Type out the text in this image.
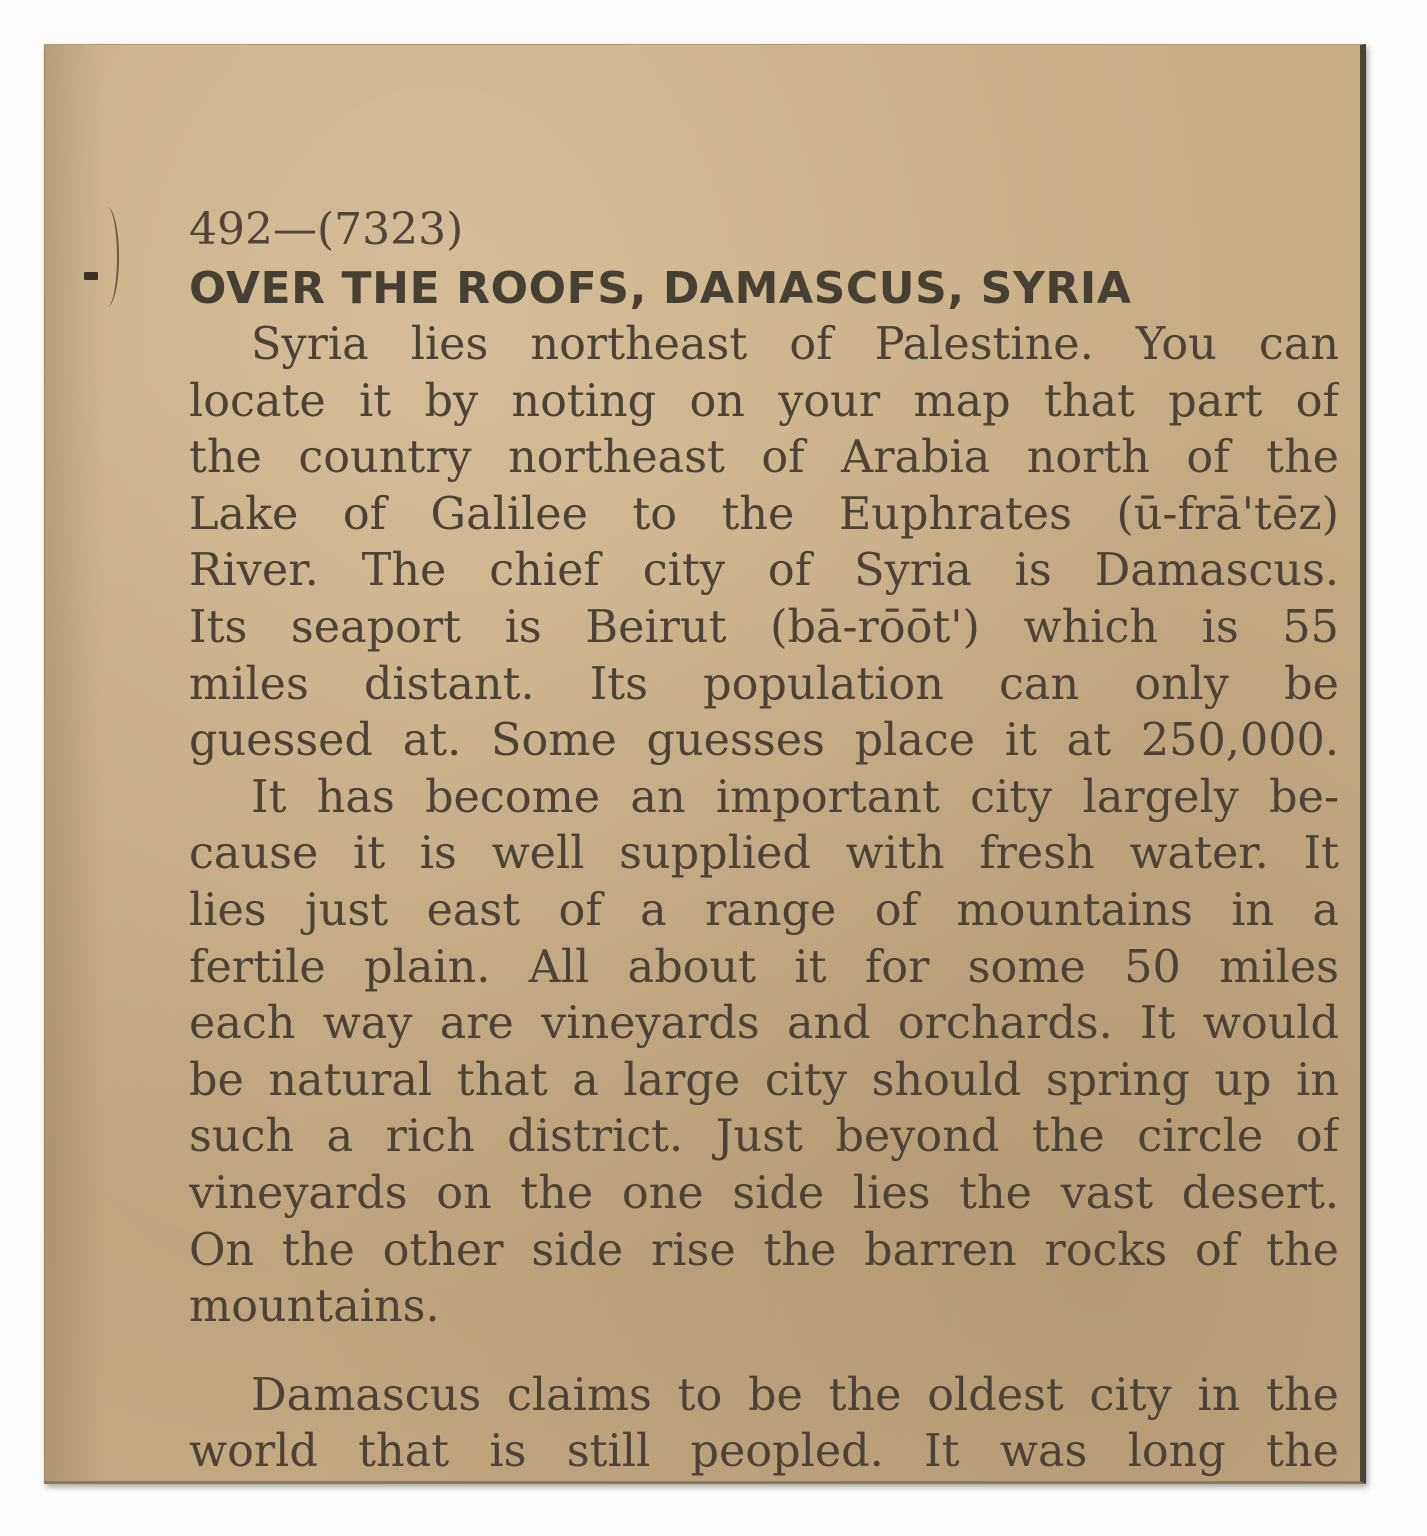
492—(7323)
OVER THE ROOFS, DAMASCUS, SYRIA
Syria lies northeast of Palestine. You can
locate it by noting on your map that part of
the country northeast of Arabia north of the
Lake of Galilee to the Euphrates (ū-frā'tēz)
River. The chief city of Syria is Damascus.
Its seaport is Beirut (bā-rōōt') which is 55
miles distant. Its population can only be
guessed at. Some guesses place it at 250,000.
It has become an important city largely be-
cause it is well supplied with fresh water. It
lies just east of a range of mountains in a
fertile plain. All about it for some 50 miles
each way are vineyards and orchards. It would
be natural that a large city should spring up in
such a rich district. Just beyond the circle of
vineyards on the one side lies the vast desert.
On the other side rise the barren rocks of the
mountains.
Damascus claims to be the oldest city in the
world that is still peopled. It was long the
